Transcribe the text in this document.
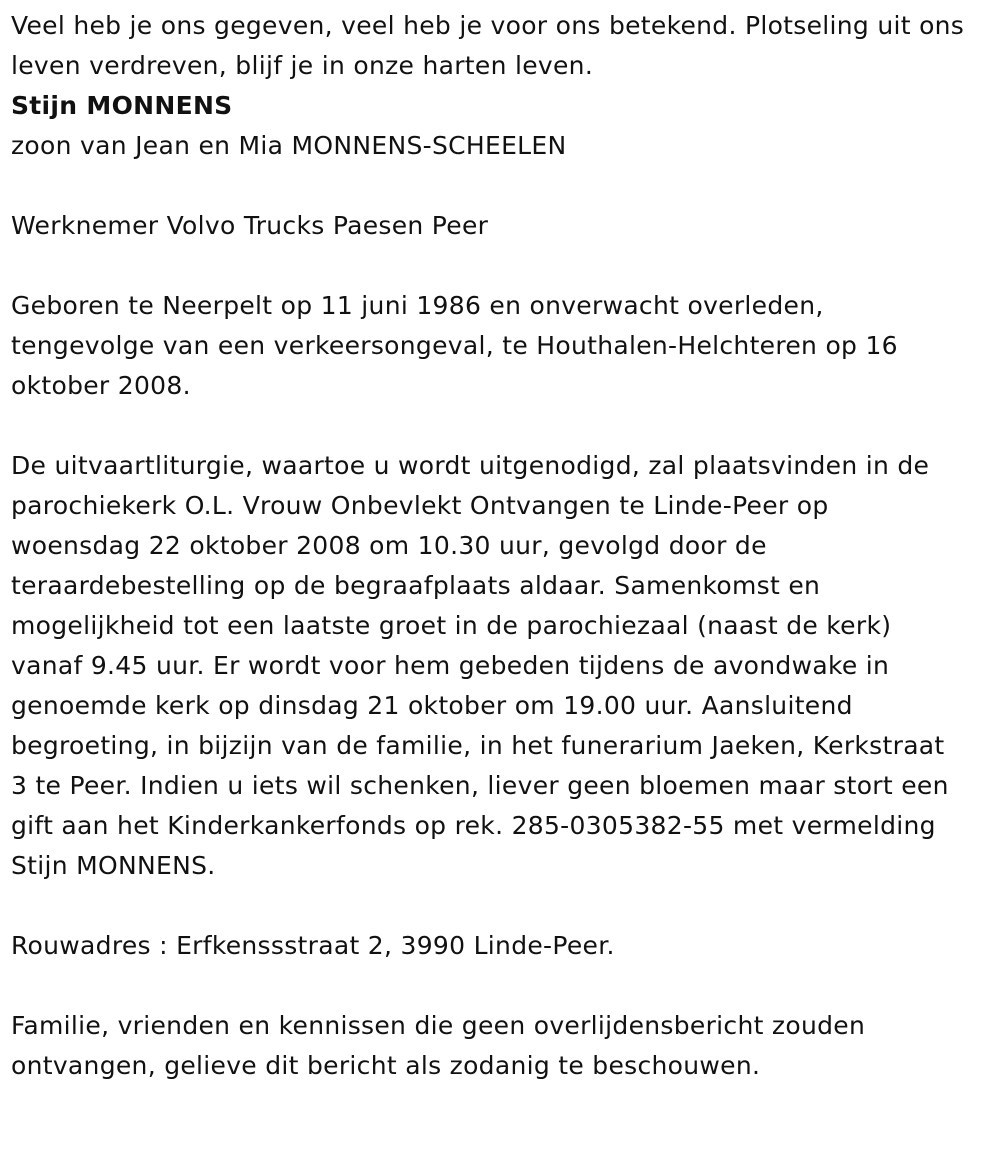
Veel heb je ons gegeven, veel heb je voor ons betekend. Plotseling uit ons
leven verdreven, blijf je in onze harten leven.

Stijn MONNENS

zoon van Jean en Mia MONNENS-SCHEELEN

Werknemer Volvo Trucks Paesen Peer

Geboren te Neerpelt op 11 juni 1986 en onverwacht overleden,
tengevolge van een verkeersongeval, te Houthalen-Helchteren op 16
oktober 2008.

De uitvaartliturgie, waartoe u wordt uitgenodigd, zal plaatsvinden in de
parochiekerk O.L. Vrouw Onbevlekt Ontvangen te Linde-Peer op
woensdag 22 oktober 2008 om 10.30 uur, gevolgd door de
teraardebestelling op de begraafplaats aldaar. Samenkomst en
mogelijkheid tot een laatste groet in de parochiezaal (naast de kerk)
vanaf 9.45 uur. Er wordt voor hem gebeden tijdens de avondwake in
genoemde kerk op dinsdag 21 oktober om 19.00 uur. Aansluitend
begroeting, in bijzijn van de familie, in het funerarium Jaeken, Kerkstraat
3 te Peer. Indien u iets wil schenken, liever geen bloemen maar stort een
gift aan het Kinderkankerfonds op rek. 285-0305382-55 met vermelding
Stijn MONNENS.

Rouwadres : Erfkenssstraat 2, 3990 Linde-Peer.

Familie, vrienden en kennissen die geen overlijdensbericht zouden
ontvangen, gelieve dit bericht als zodanig te beschouwen.
